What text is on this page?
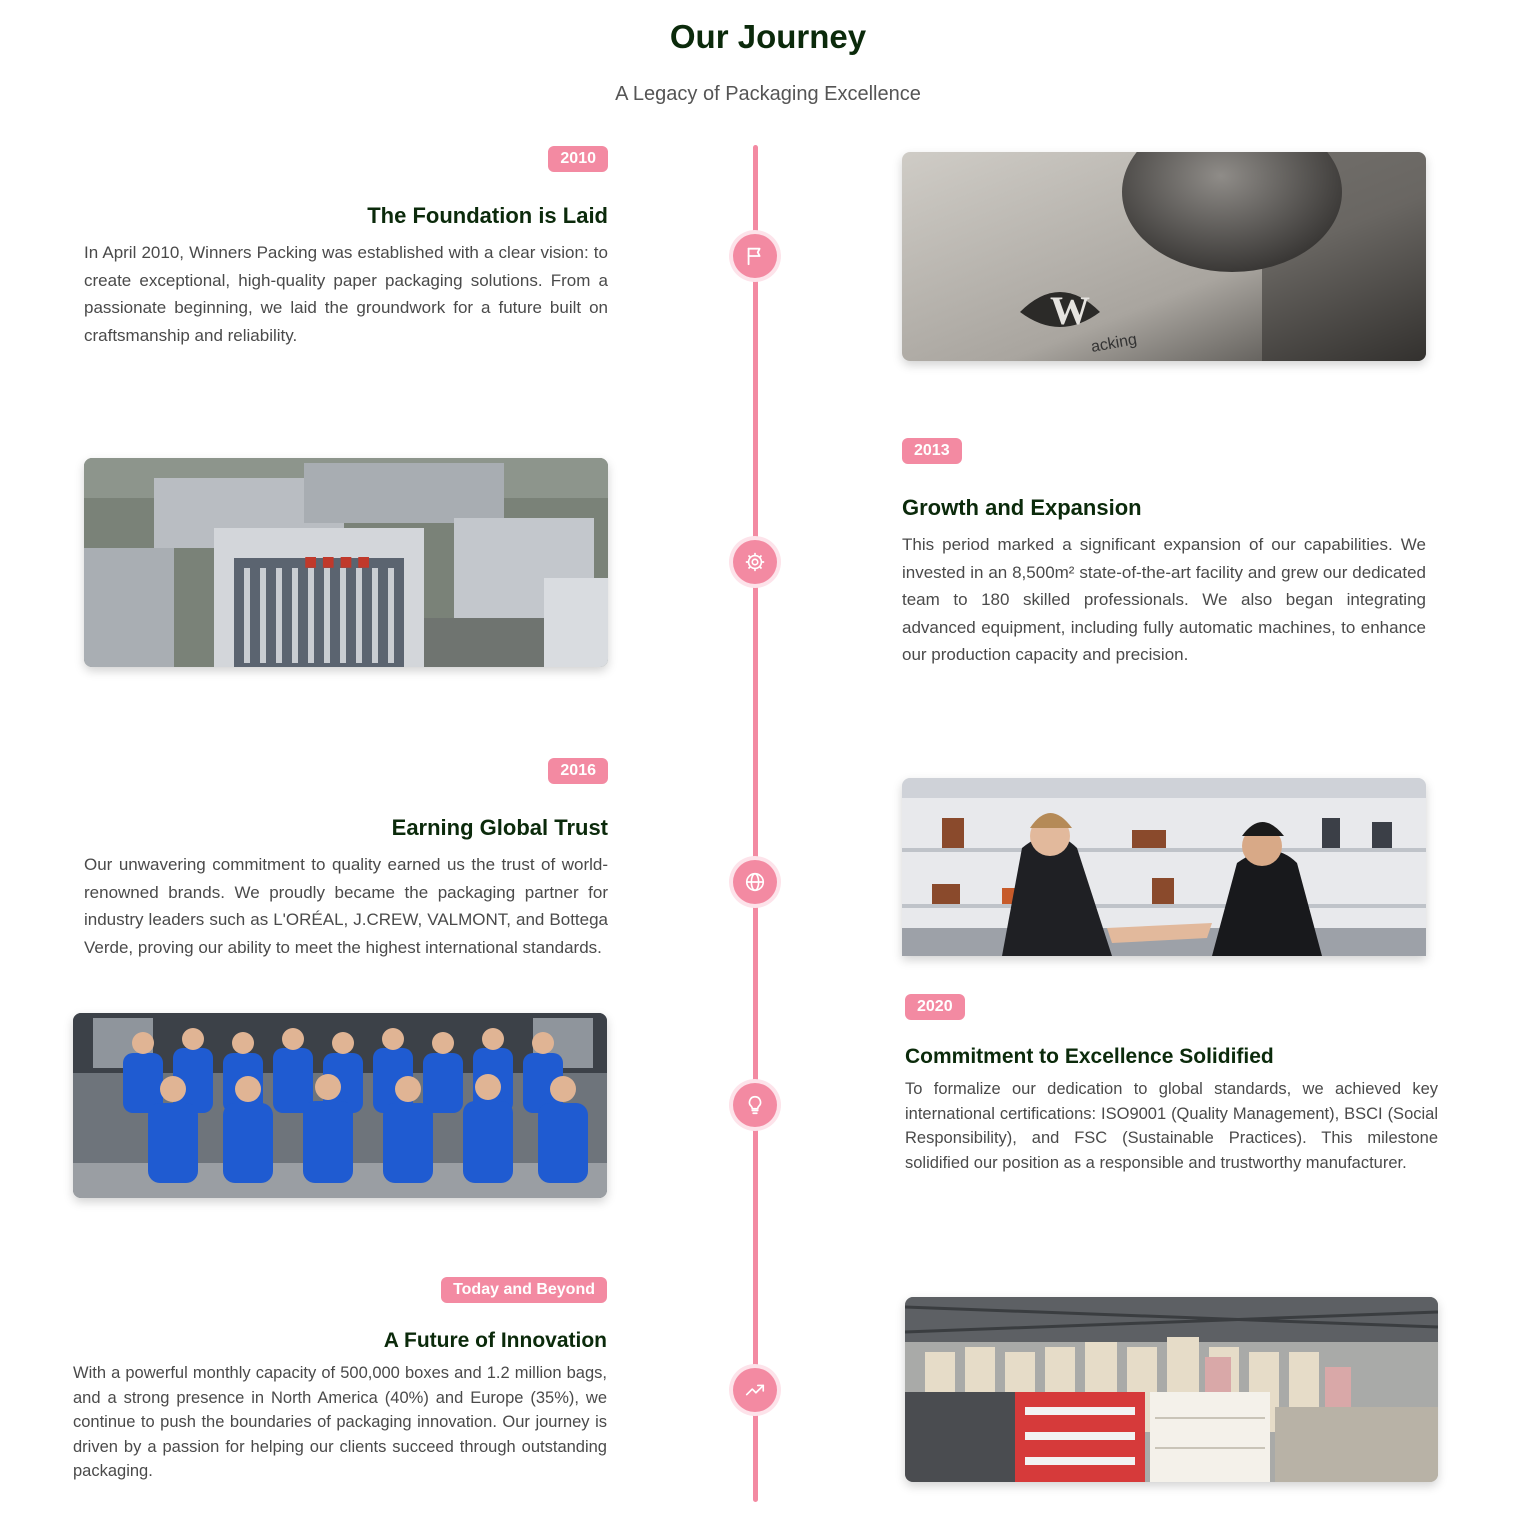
Our Journey

A Legacy of Packaging Excellence

2010
The Foundation is Laid

In April 2010, Winners Packing was established with a clear vision: to create exceptional, high-quality paper packaging solutions. From a passionate beginning, we laid the groundwork for a future built on craftsmanship and reliability.

W
acking
■ ■ ■ ■
2013
Growth and Expansion

This period marked a significant expansion of our capabilities. We invested in an 8,500m² state-of-the-art facility and grew our dedicated team to 180 skilled professionals. We also began integrating advanced equipment, including fully automatic machines, to enhance our production capacity and precision.

2016
Earning Global Trust

Our unwavering commitment to quality earned us the trust of world-renowned brands. We proudly became the packaging partner for industry leaders such as L'ORÉAL, J.CREW, VALMONT, and Bottega Verde, proving our ability to meet the highest international standards.

2020
Commitment to Excellence Solidified

To formalize our dedication to global standards, we achieved key international certifications: ISO9001 (Quality Management), BSCI (Social Responsibility), and FSC (Sustainable Practices). This milestone solidified our position as a responsible and trustworthy manufacturer.

Today and Beyond
A Future of Innovation

With a powerful monthly capacity of 500,000 boxes and 1.2 million bags, and a strong presence in North America (40%) and Europe (35%), we continue to push the boundaries of packaging innovation. Our journey is driven by a passion for helping our clients succeed through outstanding packaging.
